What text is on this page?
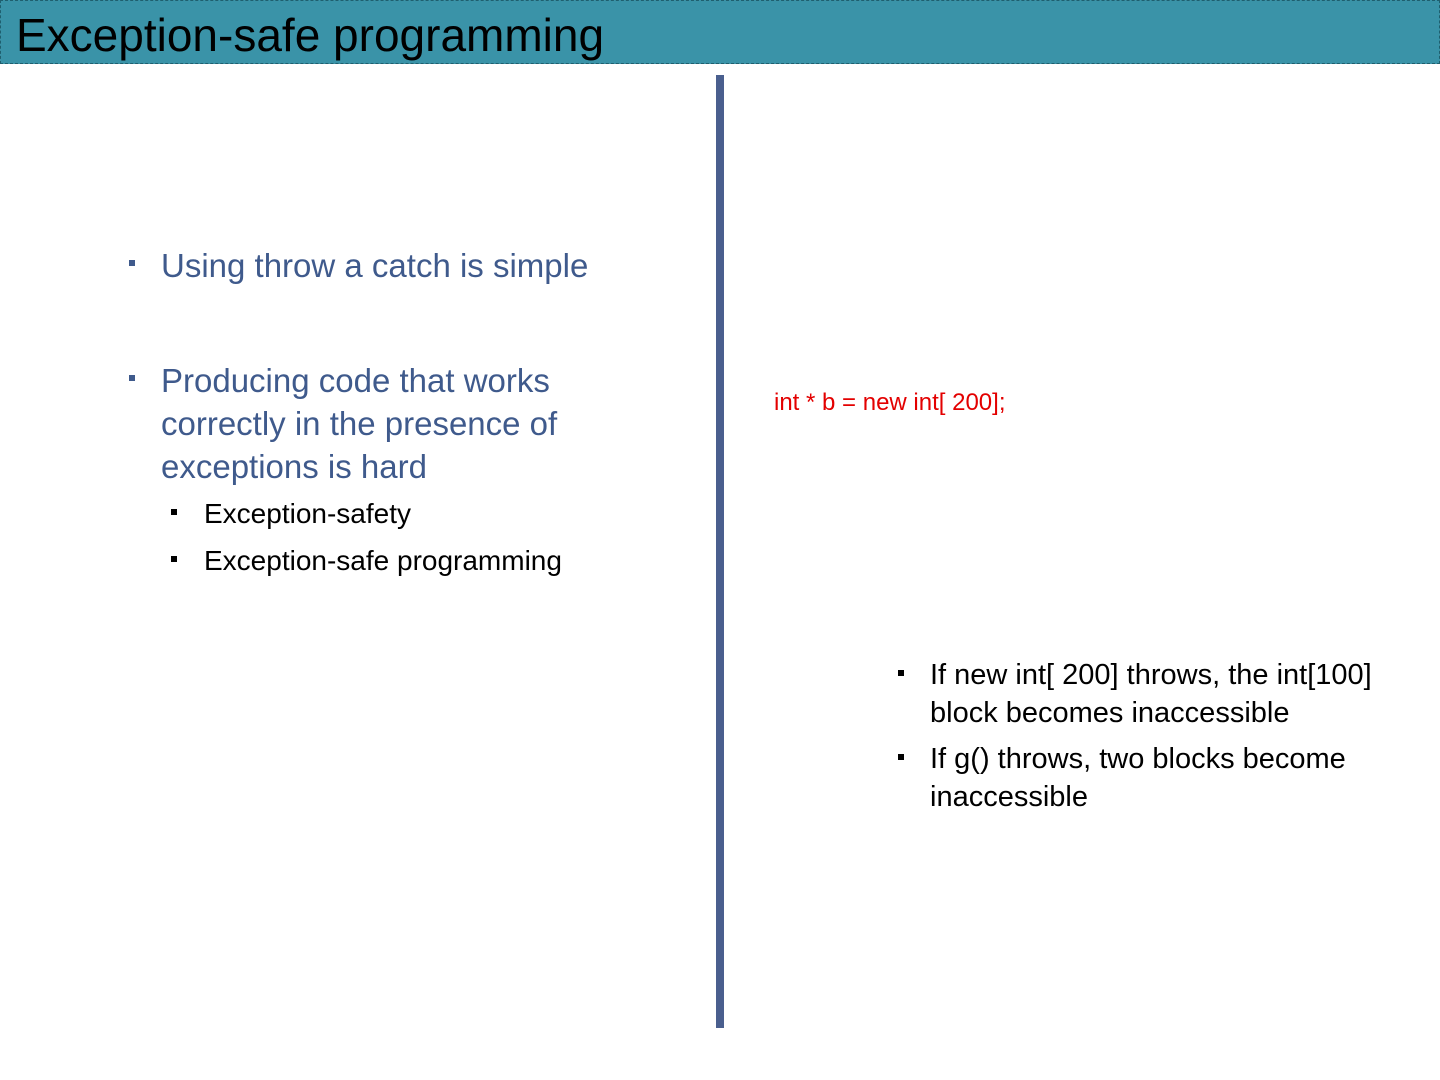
Exception-safe programming
Using throw a catch is simple
Producing code that works correctly in the presence of exceptions is hard
Exception-safety
Exception-safe programming
int * b = new int[ 200];
If new int[ 200] throws, the int[100] block becomes inaccessible
If g() throws, two blocks become inaccessible
